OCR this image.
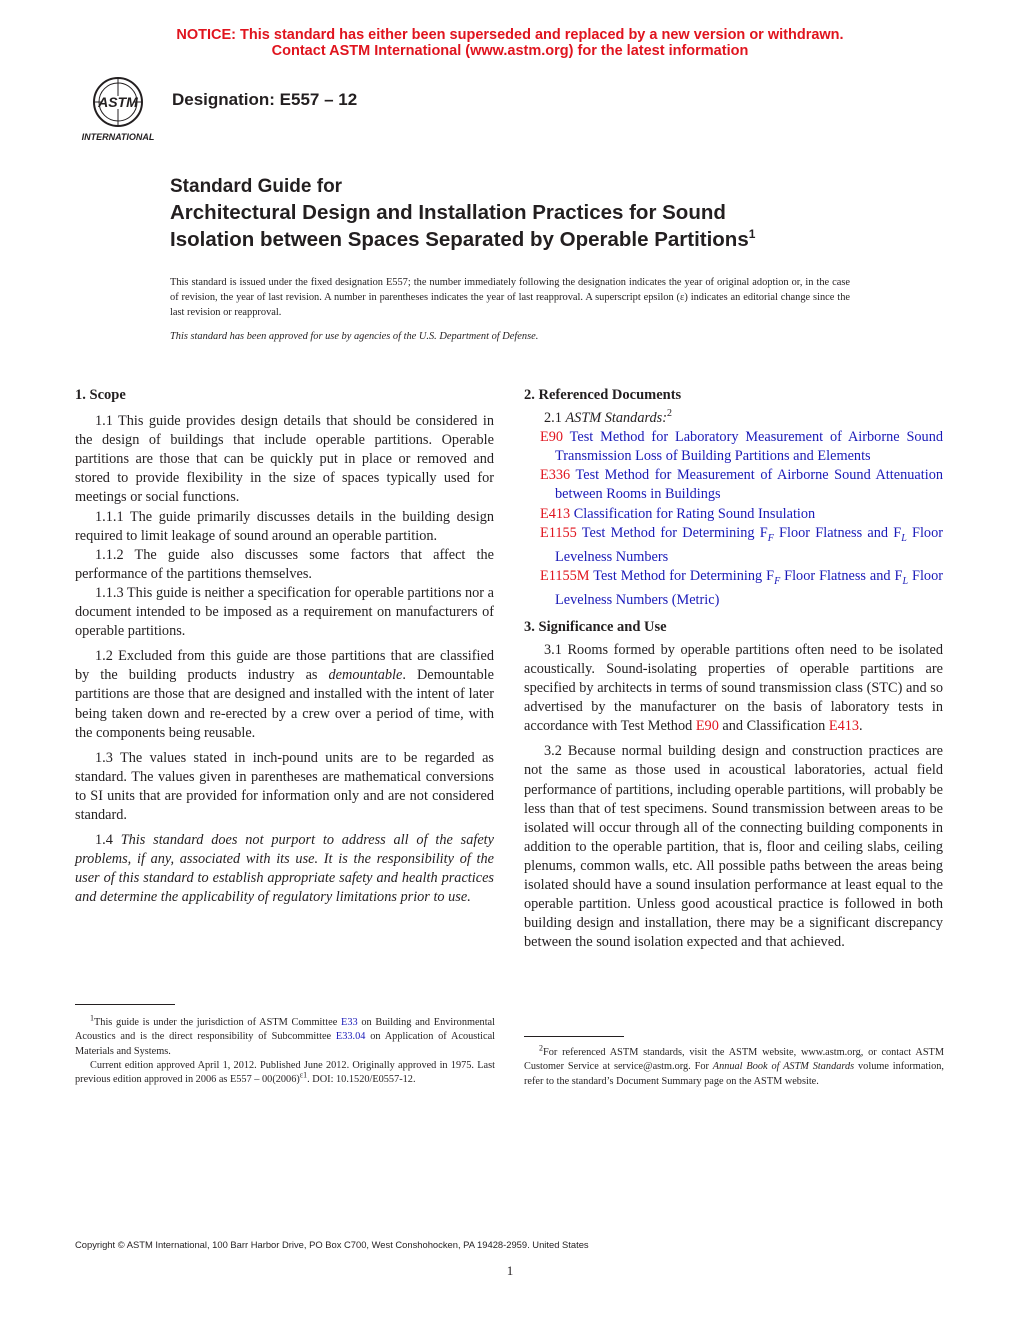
NOTICE: This standard has either been superseded and replaced by a new version or withdrawn.
Contact ASTM International (www.astm.org) for the latest information
ASTM
INTERNATIONAL
Designation: E557 – 12
Standard Guide for
Architectural Design and Installation Practices for Sound
Isolation between Spaces Separated by Operable Partitions$^1$
This standard is issued under the fixed designation E557; the number immediately following the designation indicates the year of original adoption or, in the case of revision, the year of last revision. A number in parentheses indicates the year of last reapproval. A superscript epsilon (ε) indicates an editorial change since the last revision or reapproval.
This standard has been approved for use by agencies of the U.S. Department of Defense.

1. Scope

1.1 This guide provides design details that should be considered in the design of buildings that include operable partitions. Operable partitions are those that can be quickly put in place or removed and stored to provide flexibility in the size of spaces typically used for meetings or social functions.

1.1.1 The guide primarily discusses details in the building design required to limit leakage of sound around an operable partition.

1.1.2 The guide also discusses some factors that affect the performance of the partitions themselves.

1.1.3 This guide is neither a specification for operable partitions nor a document intended to be imposed as a requirement on manufacturers of operable partitions.

1.2 Excluded from this guide are those partitions that are classified by the building products industry as demountable. Demountable partitions are those that are designed and installed with the intent of later being taken down and re-erected by a crew over a period of time, with the components being reusable.

1.3 The values stated in inch-pound units are to be regarded as standard. The values given in parentheses are mathematical conversions to SI units that are provided for information only and are not considered standard.

1.4 This standard does not purport to address all of the safety problems, if any, associated with its use. It is the responsibility of the user of this standard to establish appropriate safety and health practices and determine the applicability of regulatory limitations prior to use.

2. Referenced Documents

2.1 ASTM Standards:$^2$

E90 Test Method for Laboratory Measurement of Airborne Sound Transmission Loss of Building Partitions and Elements

E336 Test Method for Measurement of Airborne Sound Attenuation between Rooms in Buildings

E413 Classification for Rating Sound Insulation

E1155 Test Method for Determining $F_F$ Floor Flatness and $F_L$ Floor Levelness Numbers

E1155M Test Method for Determining $F_F$ Floor Flatness and $F_L$ Floor Levelness Numbers (Metric)

3. Significance and Use

3.1 Rooms formed by operable partitions often need to be isolated acoustically. Sound-isolating properties of operable partitions are specified by architects in terms of sound transmission class (STC) and so advertised by the manufacturer on the basis of laboratory tests in accordance with Test Method E90 and Classification E413.

3.2 Because normal building design and construction practices are not the same as those used in acoustical laboratories, actual field performance of partitions, including operable partitions, will probably be less than that of test specimens. Sound transmission between areas to be isolated will occur through all of the connecting building components in addition to the operable partition, that is, floor and ceiling slabs, ceiling plenums, common walls, etc. All possible paths between the areas being isolated should have a sound insulation performance at least equal to the operable partition. Unless good acoustical practice is followed in both building design and installation, there may be a significant discrepancy between the sound isolation expected and that achieved.

$^1$This guide is under the jurisdiction of ASTM Committee E33 on Building and Environmental Acoustics and is the direct responsibility of Subcommittee E33.04 on Application of Acoustical Materials and Systems.

Current edition approved April 1, 2012. Published June 2012. Originally approved in 1975. Last previous edition approved in 2006 as $E557 - 00(2006)^{\varepsilon 1}$. DOI: 10.1520/E0557-12.

$^2$For referenced ASTM standards, visit the ASTM website, www.astm.org, or contact ASTM Customer Service at service@astm.org. For Annual Book of ASTM Standards volume information, refer to the standard’s Document Summary page on the ASTM website.

Copyright © ASTM International, 100 Barr Harbor Drive, PO Box C700, West Conshohocken, PA 19428-2959. United States
1
